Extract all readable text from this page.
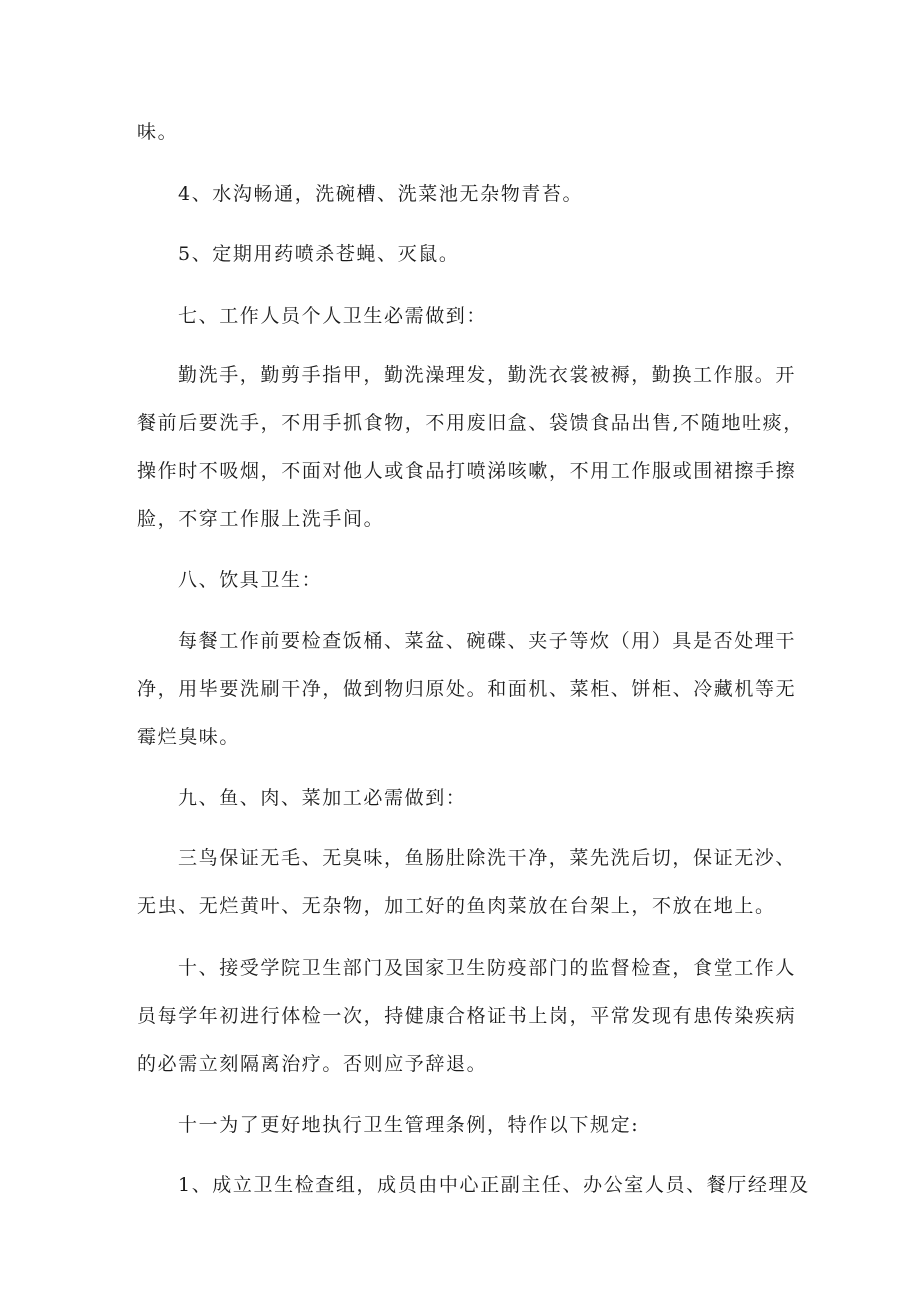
味。
4、水沟畅通，洗碗槽、洗菜池无杂物青苔。
5、定期用药喷杀苍蝇、灭鼠。
七、工作人员个人卫生必需做到：
勤洗手，勤剪手指甲，勤洗澡理发，勤洗衣裳被褥，勤换工作服。开
餐前后要洗手，不用手抓食物，不用废旧盒、袋馈食品出售,不随地吐痰，
操作时不吸烟，不面对他人或食品打喷涕咳嗽，不用工作服或围裙擦手擦
脸，不穿工作服上洗手间。
八、饮具卫生：
每餐工作前要检查饭桶、菜盆、碗碟、夹子等炊（用）具是否处理干
净，用毕要洗刷干净，做到物归原处。和面机、菜柜、饼柜、冷藏机等无
霉烂臭味。
九、鱼、肉、菜加工必需做到：
三鸟保证无毛、无臭味，鱼肠肚除洗干净，菜先洗后切，保证无沙、
无虫、无烂黄叶、无杂物，加工好的鱼肉菜放在台架上，不放在地上。
十、接受学院卫生部门及国家卫生防疫部门的监督检查，食堂工作人
员每学年初进行体检一次，持健康合格证书上岗，平常发现有患传染疾病
的必需立刻隔离治疗。否则应予辞退。
十一为了更好地执行卫生管理条例，特作以下规定:
1、成立卫生检查组，成员由中心正副主任、办公室人员、餐厅经理及
